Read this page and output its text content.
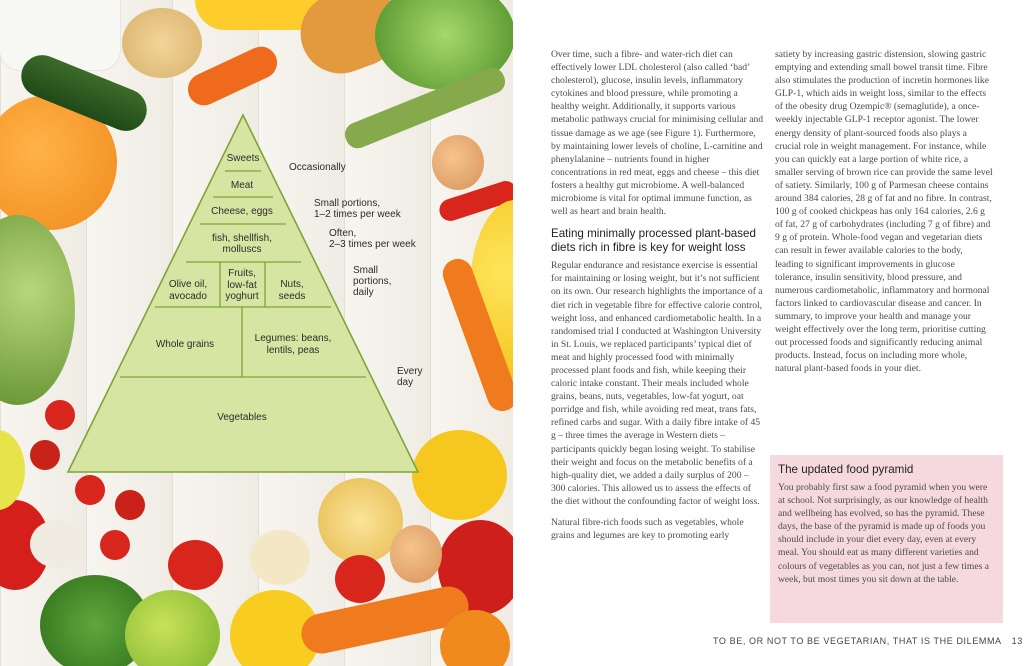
Sweets
Meat
Cheese, eggs
fish, shellfish,
molluscs
Olive oil,
avocado
Fruits,
low-fat
yoghurt
Nuts,
seeds
Whole grains
Legumes: beans,
lentils, peas
Vegetables
Occasionally
Small portions,
1–2 times per week
Often,
2–3 times per week
Small
portions,
daily
Every
day

Over time, such a fibre- and water-rich diet can effectively lower LDL cholesterol (also called ‘bad’ cholesterol), glucose, insulin levels, inflammatory cytokines and blood pressure, while promoting a healthy weight. Additionally, it supports various metabolic pathways crucial for minimising cellular and tissue damage as we age (see Figure 1). Furthermore, by maintaining lower levels of choline, L-carnitine and phenylalanine – nutrients found in higher concentrations in red meat, eggs and cheese – this diet fosters a healthy gut microbiome. A well-balanced microbiome is vital for optimal immune function, as well as heart and brain health.

Eating minimally processed plant-based diets rich in fibre is key for weight loss

Regular endurance and resistance exercise is essential for maintaining or losing weight, but it’s not sufficient on its own. Our research highlights the importance of a diet rich in vegetable fibre for effective calorie control, weight loss, and enhanced cardiometabolic health. In a randomised trial I conducted at Washington University in St. Louis, we replaced participants’ typical diet of meat and highly processed food with minimally processed plant foods and fish, while keeping their caloric intake constant. Their meals included whole grains, beans, nuts, vegetables, low-fat yogurt, oat porridge and fish, while avoiding red meat, trans fats, refined carbs and sugar. With a daily fibre intake of 45 g – three times the average in Western diets – participants quickly began losing weight. To stabilise their weight and focus on the metabolic benefits of a high-quality diet, we added a daily surplus of 200 – 300 calories. This allowed us to assess the effects of the diet without the confounding factor of weight loss.

Natural fibre-rich foods such as vegetables, whole grains and legumes are key to promoting early

satiety by increasing gastric distension, slowing gastric emptying and extending small bowel transit time. Fibre also stimulates the production of incretin hormones like GLP-1, which aids in weight loss, similar to the effects of the obesity drug Ozempic® (semaglutide), a once-weekly injectable GLP-1 receptor agonist. The lower energy density of plant-sourced foods also plays a crucial role in weight management. For instance, while you can quickly eat a large portion of white rice, a smaller serving of brown rice can provide the same level of satiety. Similarly, 100 g of Parmesan cheese contains around 384 calories, 28 g of fat and no fibre. In contrast, 100 g of cooked chickpeas has only 164 calories, 2.6 g of fat, 27 g of carbohydrates (including 7 g of fibre) and 9 g of protein. Whole-food vegan and vegetarian diets can result in fewer available calories to the body, leading to significant improvements in glucose tolerance, insulin sensitivity, blood pressure, and numerous cardiometabolic, inflammatory and hormonal factors linked to cardiovascular disease and cancer. In summary, to improve your health and manage your weight effectively over the long term, prioritise cutting out processed foods and significantly reducing animal products. Instead, focus on including more whole, natural plant-based foods in your diet.

The updated food pyramid
You probably first saw a food pyramid when you were at school. Not surprisingly, as our knowledge of health and wellbeing has evolved, so has the pyramid. These days, the base of the pyramid is made up of foods you should include in your diet every day, even at every meal. You should eat as many different varieties and colours of vegetables as you can, not just a few times a week, but most times you sit down at the table.
TO BE, OR NOT TO BE VEGETARIAN, THAT IS THE DILEMMA 13
